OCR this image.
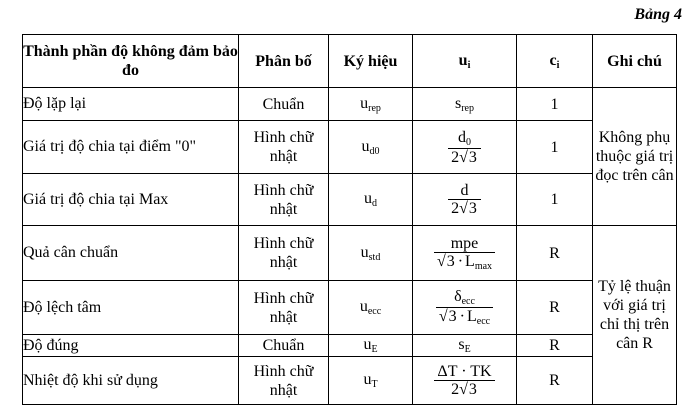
Bảng 4
Thành phần độ không đảm bảo đo	Phân bố	Ký hiệu	ui	ci	Ghi chú
Độ lặp lại	Chuẩn	urep	srep	1	Không phụ thuộc giá trị đọc trên cân
Giá trị độ chia tại điểm "0"	Hình chữ nhật	ud0	$\frac{d0}{2√3}$	1	
Giá trị độ chia tại Max	Hình chữ nhật	ud	$\frac{d}{2√3}$	1	
Quả cân chuẩn	Hình chữ nhật	ustd	$\frac{\text{mpe}}{√3 \cdot Lmax}$	R	Tỷ lệ thuận với giá trị chỉ thị trên cân R
Độ lệch tâm	Hình chữ nhật	uecc	$\frac{\text{δecc}}{\text{√3 · Lecc}}$	R	
Độ đúng	Chuẩn	uE	sE	R	
Nhiệt độ khi sử dụng	Hình chữ nhật	uT	$\frac{\Delta T \cdot TK}{2√3}$	R	
